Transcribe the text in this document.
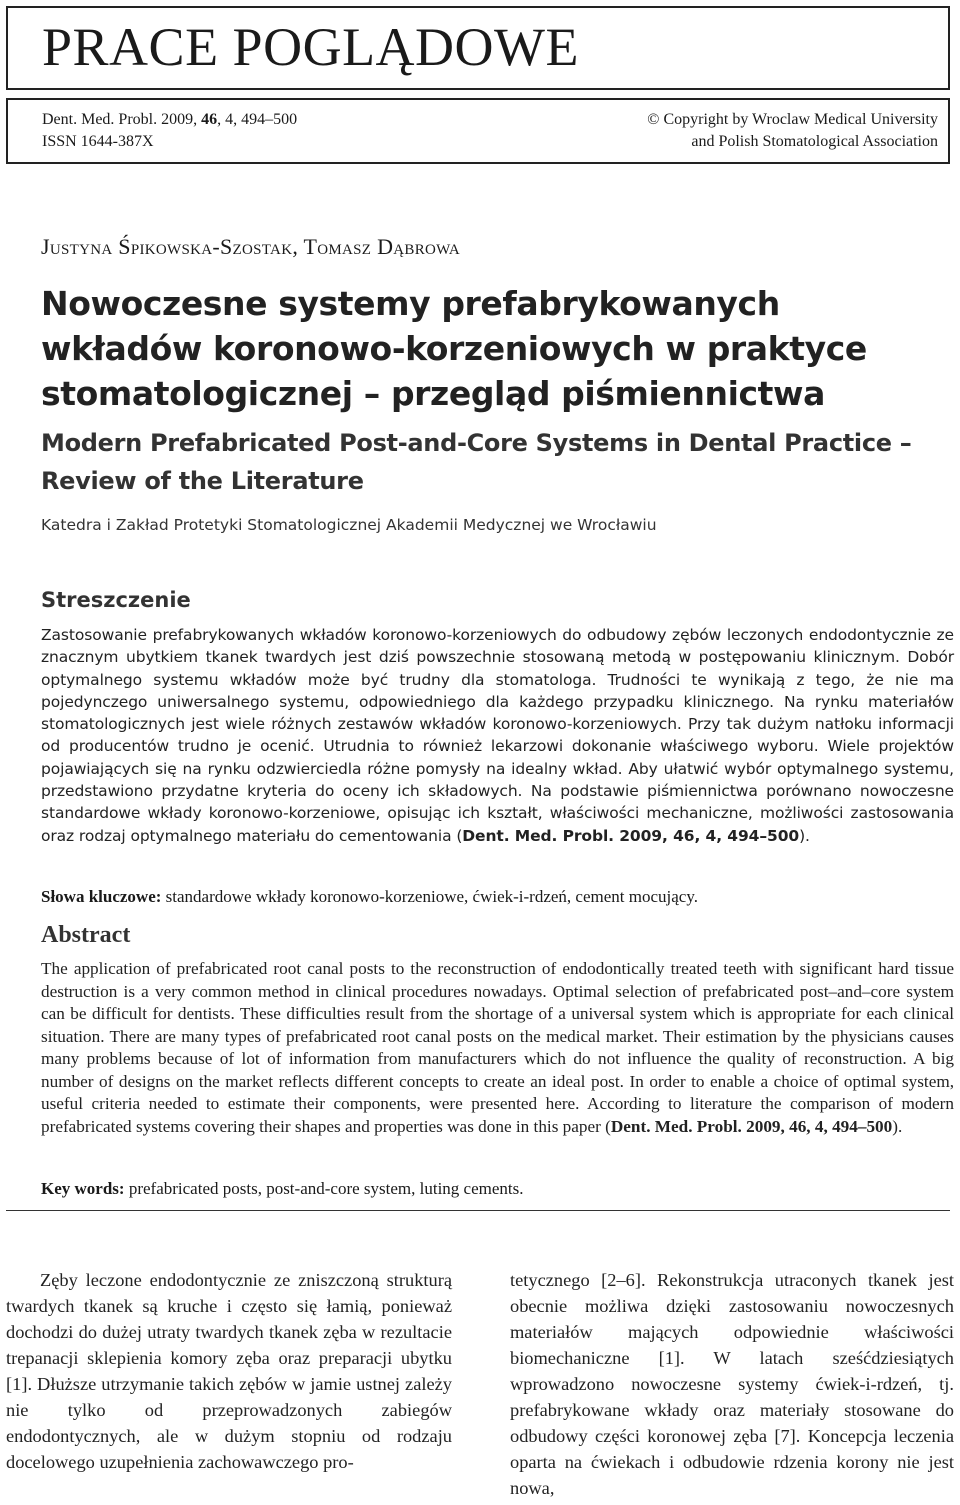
PRACE POGLĄDOWE
Dent. Med. Probl. 2009, 46, 4, 494–500
ISSN 1644-387X
© Copyright by Wroclaw Medical University
and Polish Stomatological Association
Justyna Śpikowska-Szostak, Tomasz Dąbrowa
Nowoczesne systemy prefabrykowanych wkładów koronowo-korzeniowych w praktyce stomatologicznej – przegląd piśmiennictwa
Modern Prefabricated Post-and-Core Systems in Dental Practice – Review of the Literature
Katedra i Zakład Protetyki Stomatologicznej Akademii Medycznej we Wrocławiu
Streszczenie
Zastosowanie prefabrykowanych wkładów koronowo-korzeniowych do odbudowy zębów leczonych endodontycznie ze znacznym ubytkiem tkanek twardych jest dziś powszechnie stosowaną metodą w postępowaniu klinicznym. Dobór optymalnego systemu wkładów może być trudny dla stomatologa. Trudności te wynikają z tego, że nie ma pojedynczego uniwersalnego systemu, odpowiedniego dla każdego przypadku klinicznego. Na rynku materiałów stomatologicznych jest wiele różnych zestawów wkładów koronowo-korzeniowych. Przy tak dużym natłoku informacji od producentów trudno je ocenić. Utrudnia to również lekarzowi dokonanie właściwego wyboru. Wiele projektów pojawiających się na rynku odzwierciedla różne pomysły na idealny wkład. Aby ułatwić wybór optymalnego systemu, przedstawiono przydatne kryteria do oceny ich składowych. Na podstawie piśmiennictwa porównano nowoczesne standardowe wkłady koronowo-korzeniowe, opisując ich kształt, właściwości mechaniczne, możliwości zastosowania oraz rodzaj optymalnego materiału do cementowania (Dent. Med. Probl. 2009, 46, 4, 494–500).
Słowa kluczowe: standardowe wkłady koronowo-korzeniowe, ćwiek-i-rdzeń, cement mocujący.
Abstract
The application of prefabricated root canal posts to the reconstruction of endodontically treated teeth with significant hard tissue destruction is a very common method in clinical procedures nowadays. Optimal selection of prefabricated post–and–core system can be difficult for dentists. These difficulties result from the shortage of a universal system which is appropriate for each clinical situation. There are many types of prefabricated root canal posts on the medical market. Their estimation by the physicians causes many problems because of lot of information from manufacturers which do not influence the quality of reconstruction. A big number of designs on the market reflects different concepts to create an ideal post. In order to enable a choice of optimal system, useful criteria needed to estimate their components, were presented here. According to literature the comparison of modern prefabricated systems covering their shapes and properties was done in this paper (Dent. Med. Probl. 2009, 46, 4, 494–500).
Key words: prefabricated posts, post-and-core system, luting cements.
Zęby leczone endodontycznie ze zniszczoną strukturą twardych tkanek są kruche i często się łamią, ponieważ dochodzi do dużej utraty twardych tkanek zęba w rezultacie trepanacji sklepienia komory zęba oraz preparacji ubytku [1]. Dłuższe utrzymanie takich zębów w jamie ustnej zależy nie tylko od przeprowadzonych zabiegów endodontycznych, ale w dużym stopniu od rodzaju docelowego uzupełnienia zachowawczego pro-
tetycznego [2–6]. Rekonstrukcja utraconych tkanek jest obecnie możliwa dzięki zastosowaniu nowoczesnych materiałów mających odpowiednie właściwości biomechaniczne [1]. W latach sześćdziesiątych wprowadzono nowoczesne systemy ćwiek-i-rdzeń, tj. prefabrykowane wkłady oraz materiały stosowane do odbudowy części koronowej zęba [7]. Koncepcja leczenia oparta na ćwiekach i odbudowie rdzenia korony nie jest nowa,
